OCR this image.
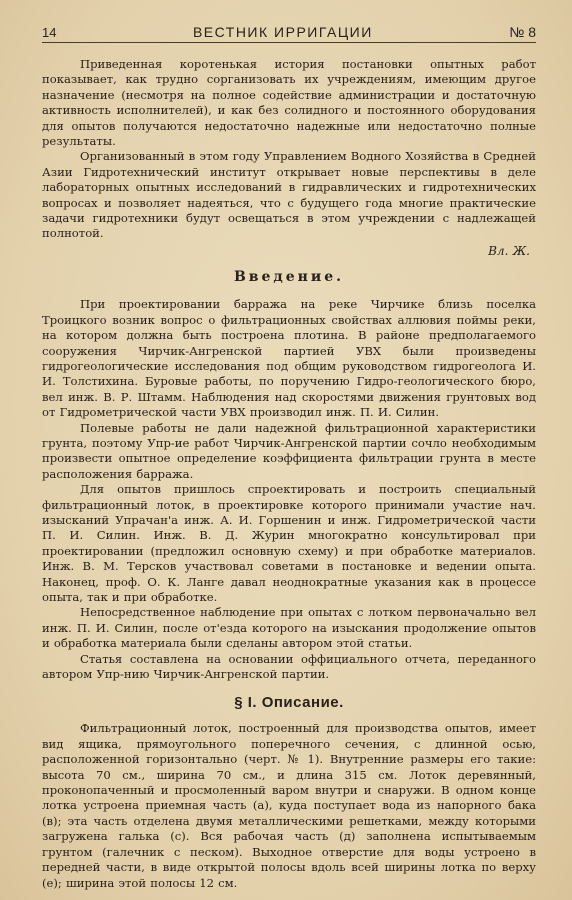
14	ВЕСТНИК ИРРИГАЦИИ	№ 8

Приведенная коротенькая история постановки опытных работ показывает, как трудно сорганизовать их учреждениям, имеющим другое назначение (несмотря на полное содействие администрации и достаточную активность исполнителей), и как без солидного и постоянного оборудования для опытов получаются недостаточно надежные или недостаточно полные результаты.

Организованный в этом году Управлением Водного Хозяйства в Средней Азии Гидротехнический институт открывает новые перспективы в деле лабораторных опытных исследований в гидравлических и гидротехнических вопросах и позволяет надеяться, что с будущего года многие практические задачи гидротехники будут освещаться в этом учреждении с надлежащей полнотой.

Вл. Ж.

Введение.

При проектировании барража на реке Чирчике близь поселка Троицкого возник вопрос о фильтрационных свойствах аллювия поймы реки, на котором должна быть построена плотина. В районе предполагаемого сооружения Чирчик-Ангренской партией УВХ были произведены гидрогеологические исследования под общим руководством гидрогеолога И. И. Толстихина. Буровые работы, по поручению Гидро-геологического бюро, вел инж. В. Р. Штамм. Наблюдения над скоростями движения грунтовых вод от Гидрометрической части УВХ производил инж. П. И. Силин.

Полевые работы не дали надежной фильтрационной характеристики грунта, поэтому Упр-ие работ Чирчик-Ангренской партии сочло необходимым произвести опытное определение коэффициента фильтрации грунта в месте расположения барража.

Для опытов пришлось спроектировать и построить специальный фильтрационный лоток, в проектировке которого принимали участие нач. изысканий Упрачан'а инж. А. И. Горшенин и инж. Гидрометрической части П. И. Силин. Инж. В. Д. Журин многократно консультировал при проектировании (предложил основную схему) и при обработке материалов. Инж. В. М. Терсков участвовал советами в постановке и ведении опыта. Наконец, проф. О. К. Ланге давал неоднократные указания как в процессе опыта, так и при обработке.

Непосредственное наблюдение при опытах с лотком первоначально вел инж. П. И. Силин, после от'езда которого на изыскания продолжение опытов и обработка материала были сделаны автором этой статьи.

Статья составлена на основании оффициального отчета, переданного автором Упр-нию Чирчик-Ангренской партии.

§ I. Описание.

Фильтрационный лоток, построенный для производства опытов, имеет вид ящика, прямоугольного поперечного сечения, с длинной осью, расположенной горизонтально (черт. № 1). Внутренние размеры его такие: высота 70 см., ширина 70 см., и длина 315 см. Лоток деревянный, проконопаченный и просмоленный варом внутри и снаружи. В одном конце лотка устроена приемная часть (а), куда поступает вода из напорного бака (в); эта часть отделена двумя металлическими решетками, между которыми загружена галька (с). Вся рабочая часть (д) заполнена испытываемым грунтом (галечник с песком). Выходное отверстие для воды устроено в передней части, в виде открытой полосы вдоль всей ширины лотка по верху (е); ширина этой полосы 12 см.
